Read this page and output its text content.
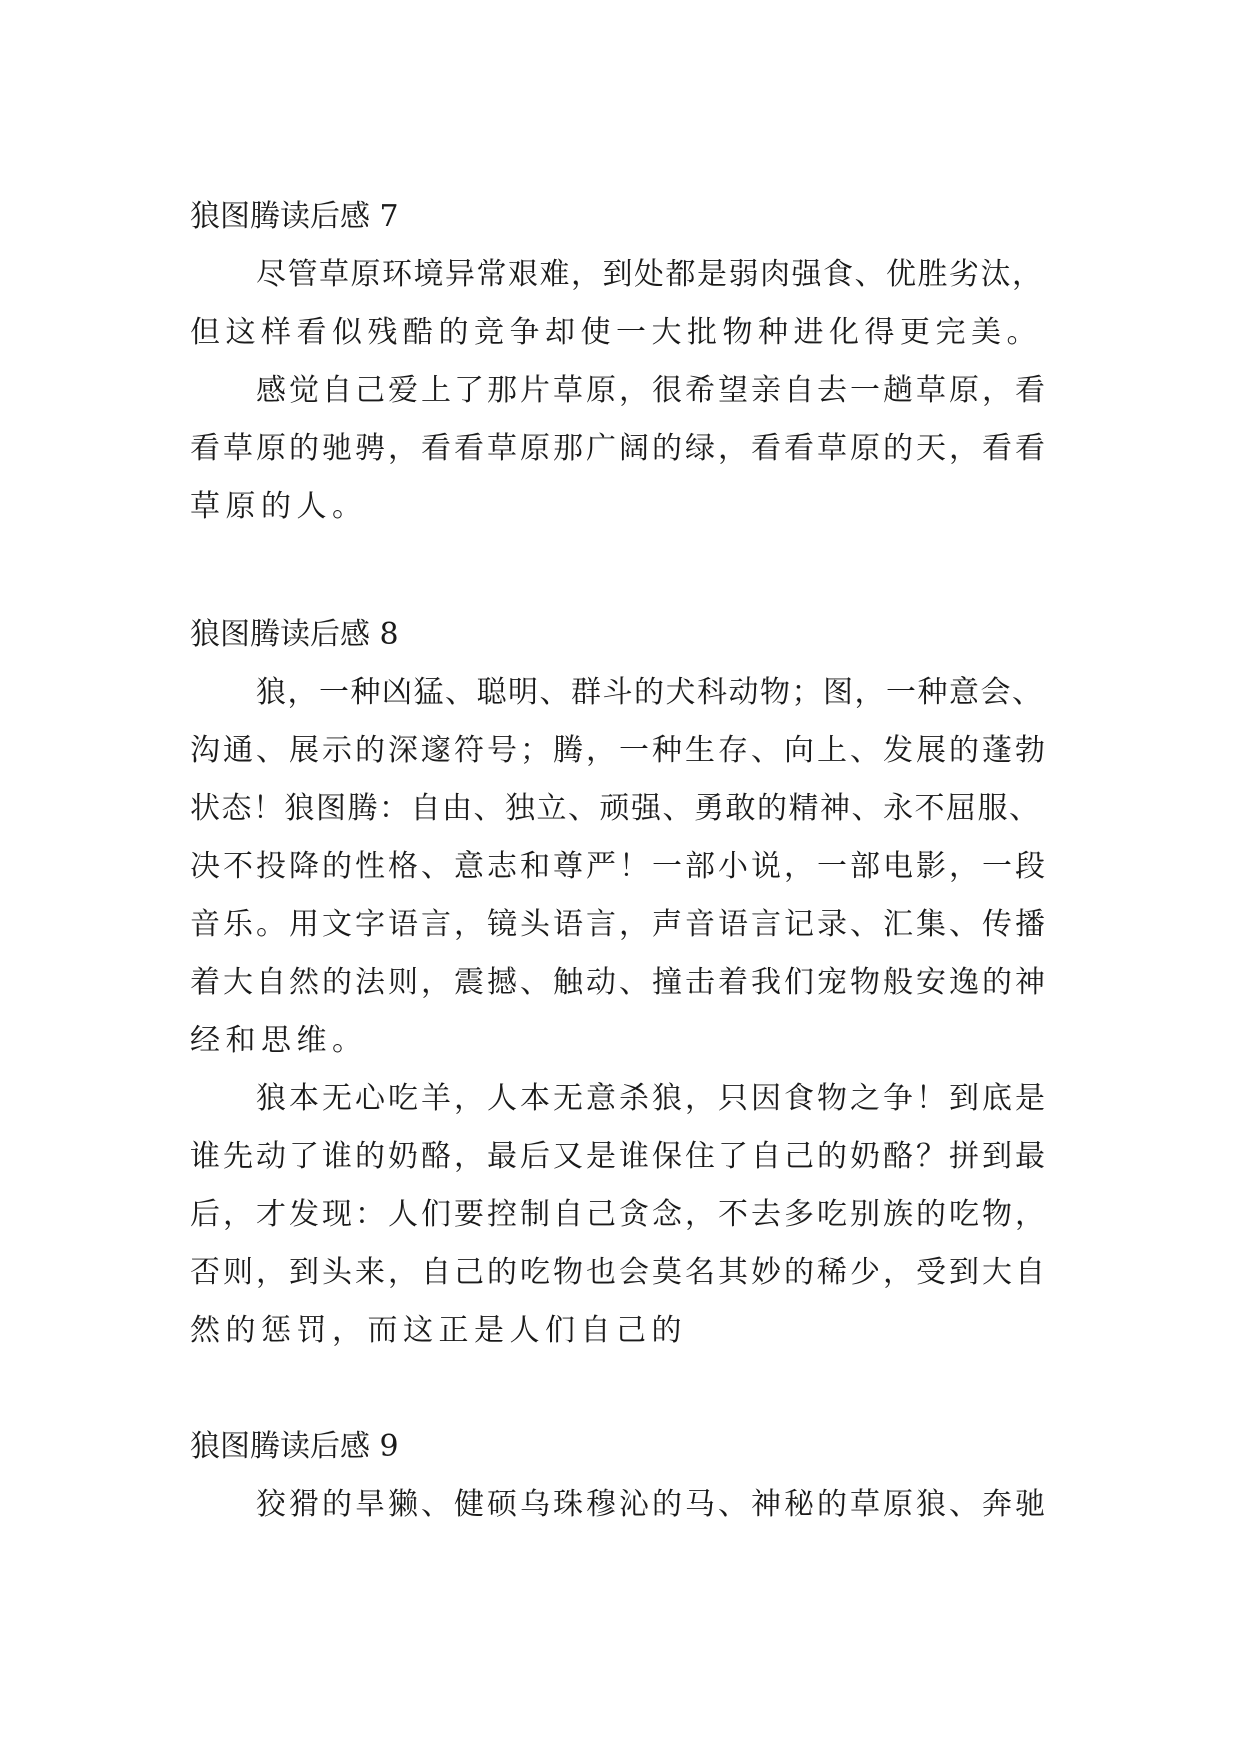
狼图腾读后感 7
尽管草原环境异常艰难，到处都是弱肉强食、优胜劣汰，
但这样看似残酷的竞争却使一大批物种进化得更完美。
感觉自己爱上了那片草原，很希望亲自去一趟草原，看
看草原的驰骋，看看草原那广阔的绿，看看草原的天，看看
草原的人。
狼图腾读后感 8
狼，一种凶猛、聪明、群斗的犬科动物；图，一种意会、
沟通、展示的深邃符号；腾，一种生存、向上、发展的蓬勃
状态！狼图腾：自由、独立、顽强、勇敢的精神、永不屈服、
决不投降的性格、意志和尊严！一部小说，一部电影，一段
音乐。用文字语言，镜头语言，声音语言记录、汇集、传播
着大自然的法则，震撼、触动、撞击着我们宠物般安逸的神
经和思维。
狼本无心吃羊，人本无意杀狼，只因食物之争！到底是
谁先动了谁的奶酪，最后又是谁保住了自己的奶酪？拼到最
后，才发现：人们要控制自己贪念，不去多吃别族的吃物，
否则，到头来，自己的吃物也会莫名其妙的稀少，受到大自
然的惩罚，而这正是人们自己的
狼图腾读后感 9
狡猾的旱獭、健硕乌珠穆沁的马、神秘的草原狼、奔驰
